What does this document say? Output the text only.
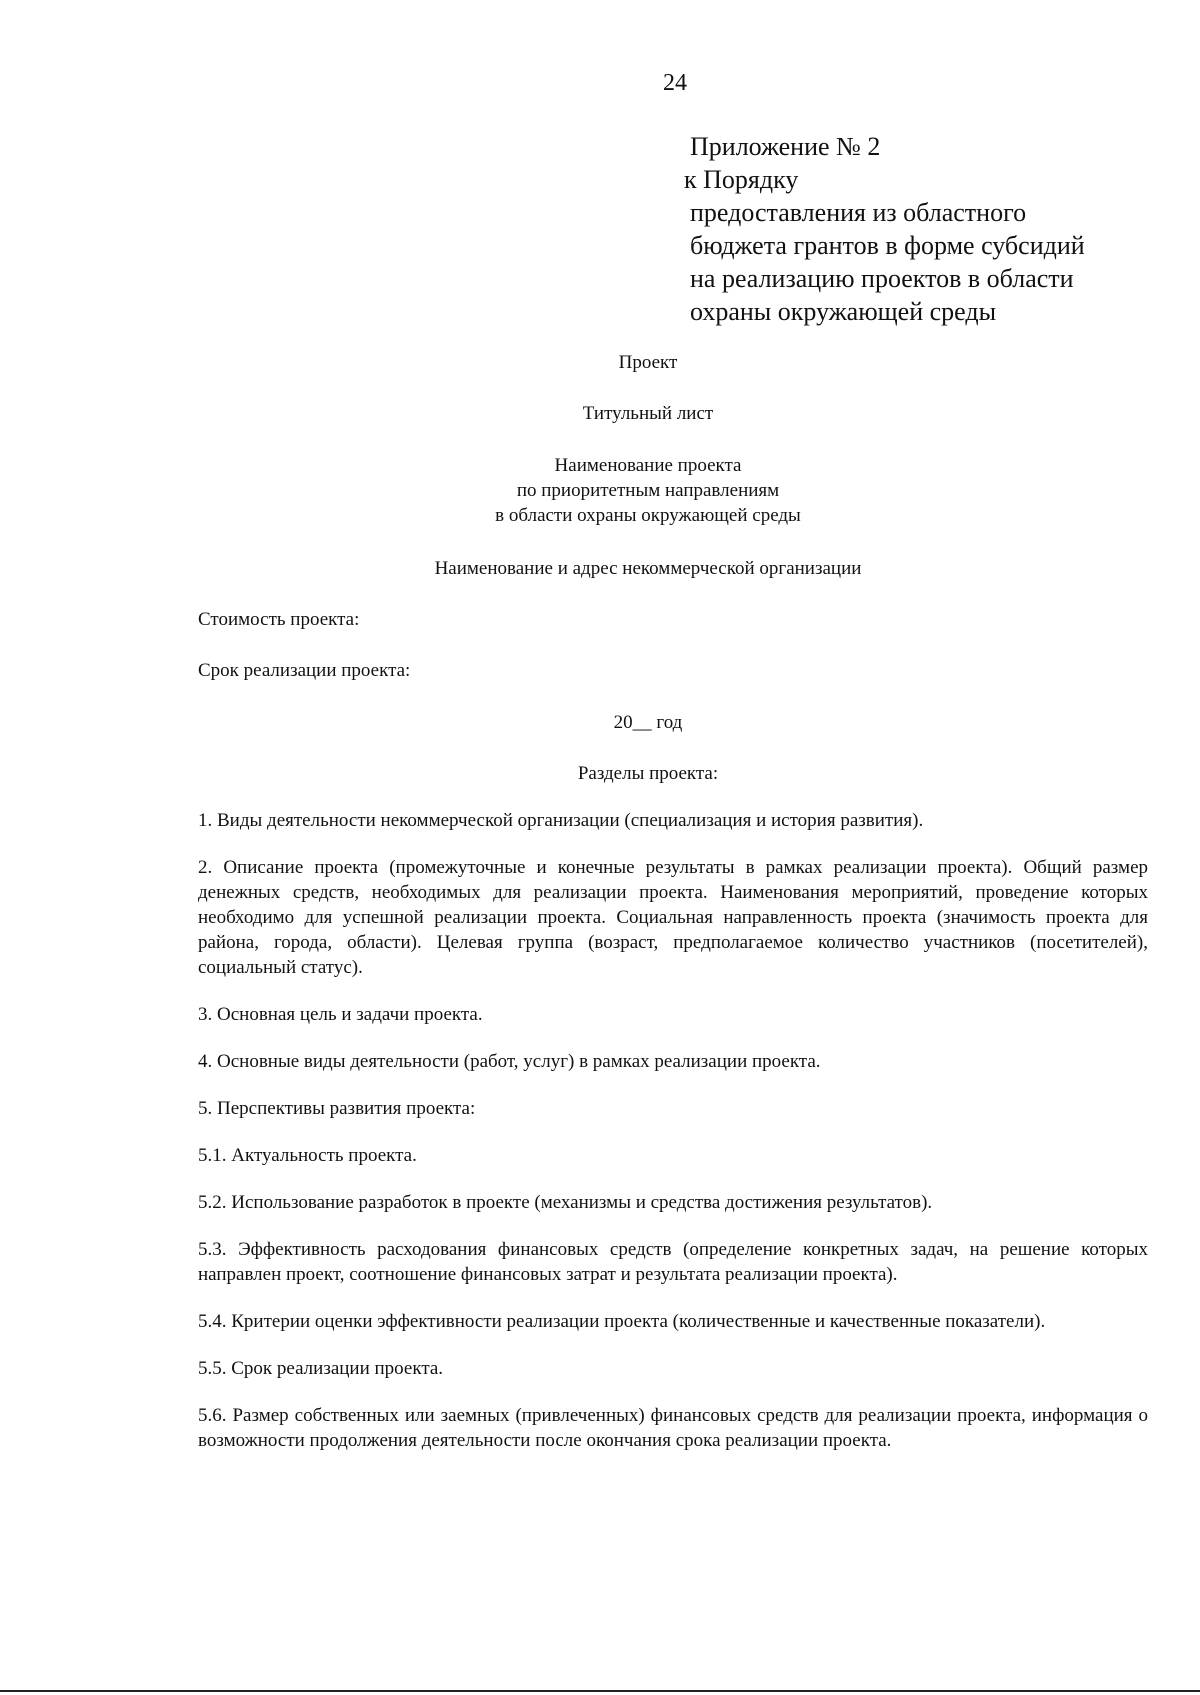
24
Приложение № 2
к Порядку
предоставления из областного
бюджета грантов в форме субсидий
на реализацию проектов в области
охраны окружающей среды
Проект
Титульный лист
Наименование проекта
по приоритетным направлениям
в области охраны окружающей среды
Наименование и адрес некоммерческой организации
Стоимость проекта:
Срок реализации проекта:
20__ год
Разделы проекта:

1. Виды деятельности некоммерческой организации (специализация и история развития).

2. Описание проекта (промежуточные и конечные результаты в рамках реализации проекта). Общий размер денежных средств, необходимых для реализации проекта. Наименования мероприятий, проведение которых необходимо для успешной реализации проекта. Социальная направленность проекта (значимость проекта для района, города, области). Целевая группа (возраст, предполагаемое количество участников (посетителей), социальный статус).

3. Основная цель и задачи проекта.

4. Основные виды деятельности (работ, услуг) в рамках реализации проекта.

5. Перспективы развития проекта:

5.1. Актуальность проекта.

5.2. Использование разработок в проекте (механизмы и средства достижения результатов).

5.3. Эффективность расходования финансовых средств (определение конкретных задач, на решение которых направлен проект, соотношение финансовых затрат и результата реализации проекта).

5.4. Критерии оценки эффективности реализации проекта (количественные и качественные показатели).

5.5. Срок реализации проекта.

5.6. Размер собственных или заемных (привлеченных) финансовых средств для реализации проекта, информация о возможности продолжения деятельности после окончания срока реализации проекта.
